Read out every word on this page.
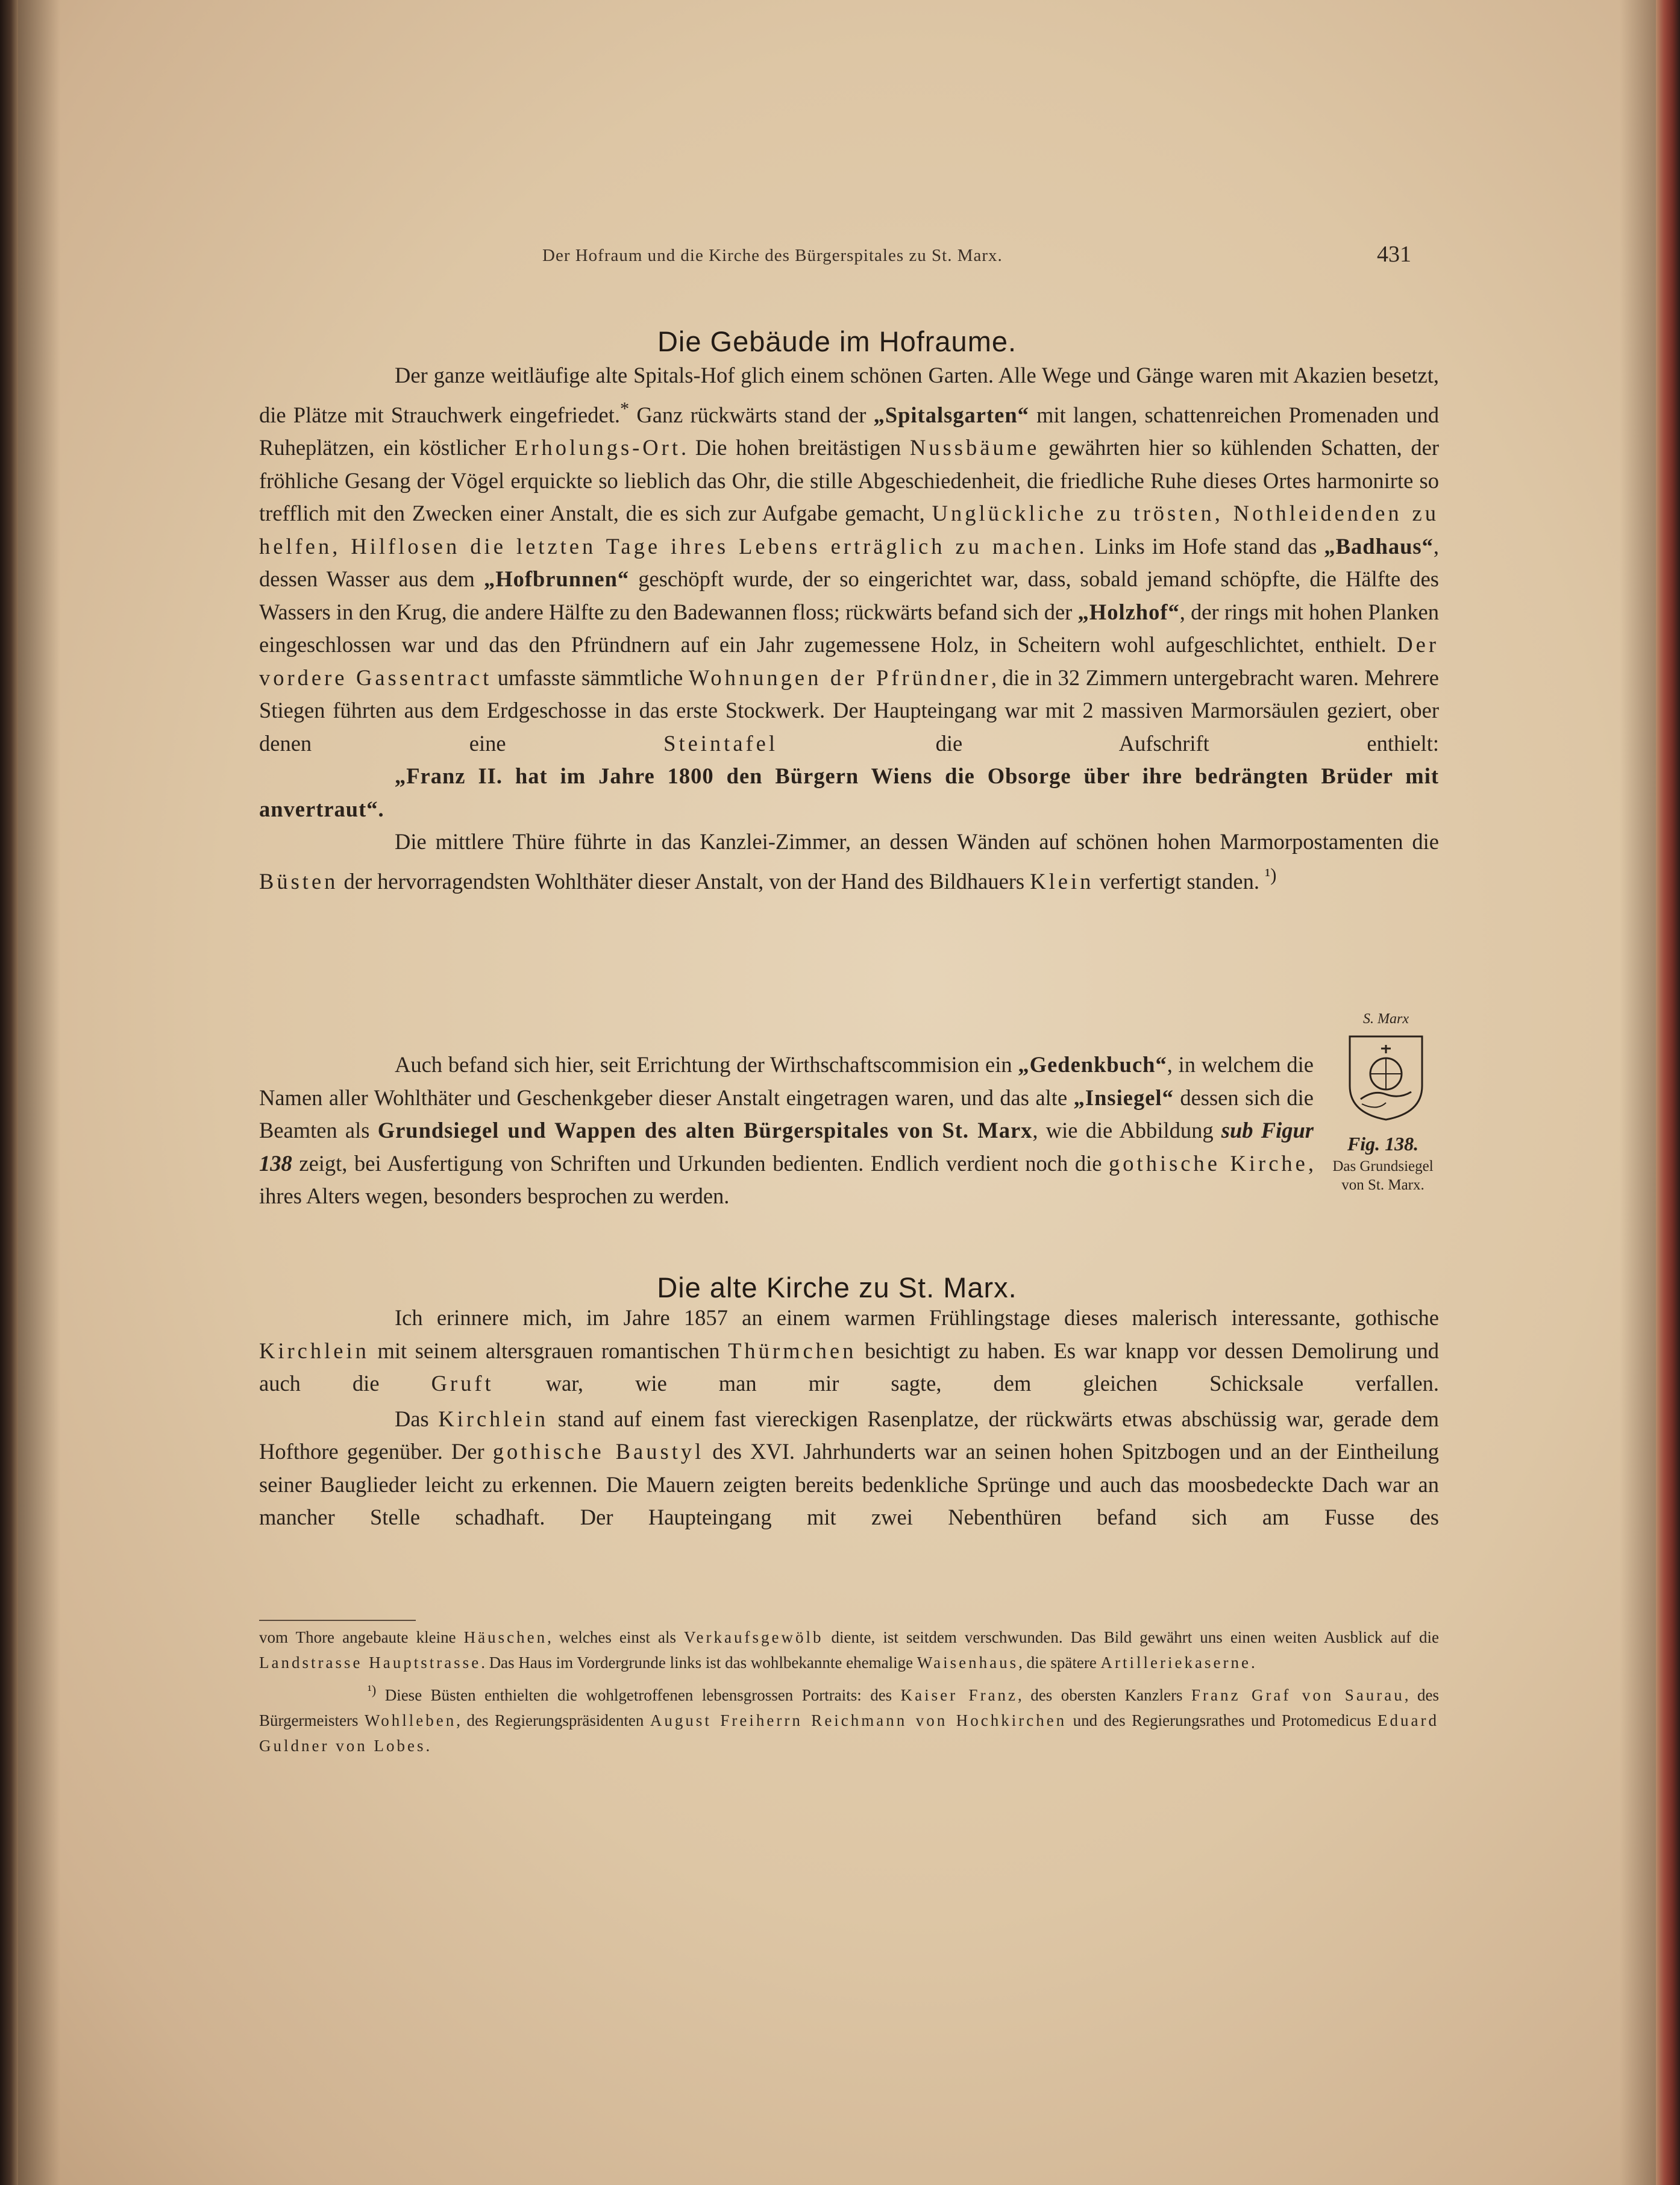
Der Hofraum und die Kirche des Bürgerspitales zu St. Marx.	431
Die Gebäude im Hofraume.

Der ganze weitläufige alte Spitals-Hof glich einem schönen Garten. Alle Wege und Gänge waren mit Akazien besetzt, die Plätze mit Strauchwerk eingefriedet.* Ganz rückwärts stand der „Spitalsgarten“ mit langen, schattenreichen Promenaden und Ruheplätzen, ein köstlicher Erholungs-Ort. Die hohen breitästigen Nussbäume gewährten hier so kühlenden Schatten, der fröhliche Gesang der Vögel erquickte so lieblich das Ohr, die stille Abgeschiedenheit, die friedliche Ruhe dieses Ortes harmonirte so trefflich mit den Zwecken einer Anstalt, die es sich zur Aufgabe gemacht, Unglückliche zu trösten, Nothleidenden zu helfen, Hilflosen die letzten Tage ihres Lebens erträglich zu machen. Links im Hofe stand das „Badhaus“, dessen Wasser aus dem „Hofbrunnen“ geschöpft wurde, der so eingerichtet war, dass, sobald jemand schöpfte, die Hälfte des Wassers in den Krug, die andere Hälfte zu den Badewannen floss; rückwärts befand sich der „Holzhof“, der rings mit hohen Planken eingeschlossen war und das den Pfründnern auf ein Jahr zugemessene Holz, in Scheitern wohl aufgeschlichtet, enthielt. Der vordere Gassentract umfasste sämmtliche Wohnungen der Pfründner, die in 32 Zimmern untergebracht waren. Mehrere Stiegen führten aus dem Erdgeschosse in das erste Stockwerk. Der Haupteingang war mit 2 massiven Marmorsäulen geziert, ober denen eine Steintafel die Aufschrift enthielt:

„Franz II. hat im Jahre 1800 den Bürgern Wiens die Obsorge über ihre bedrängten Brüder mit anvertraut“.

Die mittlere Thüre führte in das Kanzlei-Zimmer, an dessen Wänden auf schönen hohen Marmorpostamenten die Büsten der hervorragendsten Wohlthäter dieser Anstalt, von der Hand des Bildhauers Klein verfertigt standen. $^{^1)}$

Auch befand sich hier, seit Errichtung der Wirthschaftscommision ein „Gedenkbuch“, in welchem die Namen aller Wohlthäter und Geschenkgeber dieser Anstalt eingetragen waren, und das alte „Insiegel“ dessen sich die Beamten als Grundsiegel und Wappen des alten Bürgerspitales von St. Marx, wie die Abbildung sub Figur 138 zeigt, bei Ausfertigung von Schriften und Urkunden bedienten. Endlich verdient noch die gothische Kirche, ihres Alters wegen, besonders besprochen zu werden.

S. Marx
Fig. 138.
Das Grundsiegel von St. Marx.
Die alte Kirche zu St. Marx.

Ich erinnere mich, im Jahre 1857 an einem warmen Frühlingstage dieses malerisch interessante, gothische Kirchlein mit seinem altersgrauen romantischen Thürmchen besichtigt zu haben. Es war knapp vor dessen Demolirung und auch die Gruft war, wie man mir sagte, dem gleichen Schicksale verfallen.

Das Kirchlein stand auf einem fast viereckigen Rasenplatze, der rückwärts etwas abschüssig war, gerade dem Hofthore gegenüber. Der gothische Baustyl des XVI. Jahrhunderts war an seinen hohen Spitzbogen und an der Eintheilung seiner Bauglieder leicht zu erkennen. Die Mauern zeigten bereits bedenkliche Sprünge und auch das moosbedeckte Dach war an mancher Stelle schadhaft. Der Haupteingang mit zwei Nebenthüren befand sich am Fusse des

vom Thore angebaute kleine Häuschen, welches einst als Verkaufsgewölb diente, ist seitdem verschwunden. Das Bild gewährt uns einen weiten Ausblick auf die Landstrasse Hauptstrasse. Das Haus im Vordergrunde links ist das wohlbekannte ehemalige Waisenhaus, die spätere Artilleriekaserne.

$^{^1)}$ Diese Büsten enthielten die wohlgetroffenen lebensgrossen Portraits: des Kaiser Franz, des obersten Kanzlers Franz Graf von Saurau, des Bürgermeisters Wohlleben, des Regierungspräsidenten August Freiherrn Reichmann von Hochkirchen und des Regierungsrathes und Protomedicus Eduard Guldner von Lobes.
